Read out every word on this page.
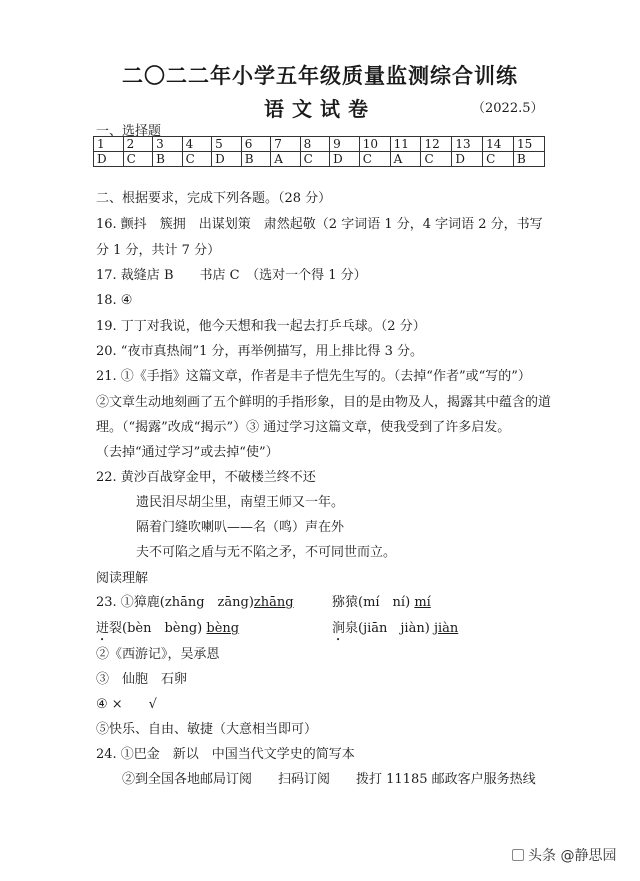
二〇二二年小学五年级质量监测综合训练
语文试卷	（2022.5）
一、选择题
1	2	3	4	5	6	7	8	9	10	11	12	13	14	15
D	C	B	C	D	B	A	C	D	C	A	C	D	C	B
二、根据要求，完成下列各题。（28 分）
16. 颤抖　簇拥　出谋划策　肃然起敬（2 字词语 1 分，4 字词语 2 分，书写
分 1 分，共计 7 分）
17. 裁缝店 B　　书店 C　（选对一个得 1 分）
18. ④
19. 丁丁对我说，他今天想和我一起去打乒乓球。（2 分）
20. “夜市真热闹”1 分，再举例描写，用上排比得 3 分。
21. ①《手指》这篇文章，作者是丰子恺先生写的。（去掉“作者”或“写的”）
②文章生动地刻画了五个鲜明的手指形象，目的是由物及人，揭露其中蕴含的道
理。（“揭露”改成“揭示”）③ 通过学习这篇文章，使我受到了许多启发。
（去掉“通过学习”或去掉“使”）
22. 黄沙百战穿金甲，不破楼兰终不还
遗民泪尽胡尘里，南望王师又一年。
隔着门缝吹喇叭——名（鸣）声在外
夫不可陷之盾与无不陷之矛，不可同世而立。
阅读理解
23. ①獐鹿(zhāng　zāng)zhāng	猕猿(mí　ní) mí
迸裂(bèn　bèng) bèng	涧泉(jiān　jiàn) jiàn
②《西游记》，吴承恩
③　仙胞　石卵
④ ×　　√
⑤快乐、自由、敏捷（大意相当即可）
24. ①巴金　新以　中国当代文学史的简写本
②到全国各地邮局订阅　　扫码订阅　　拨打 11185 邮政客户服务热线
头条 @静思园
